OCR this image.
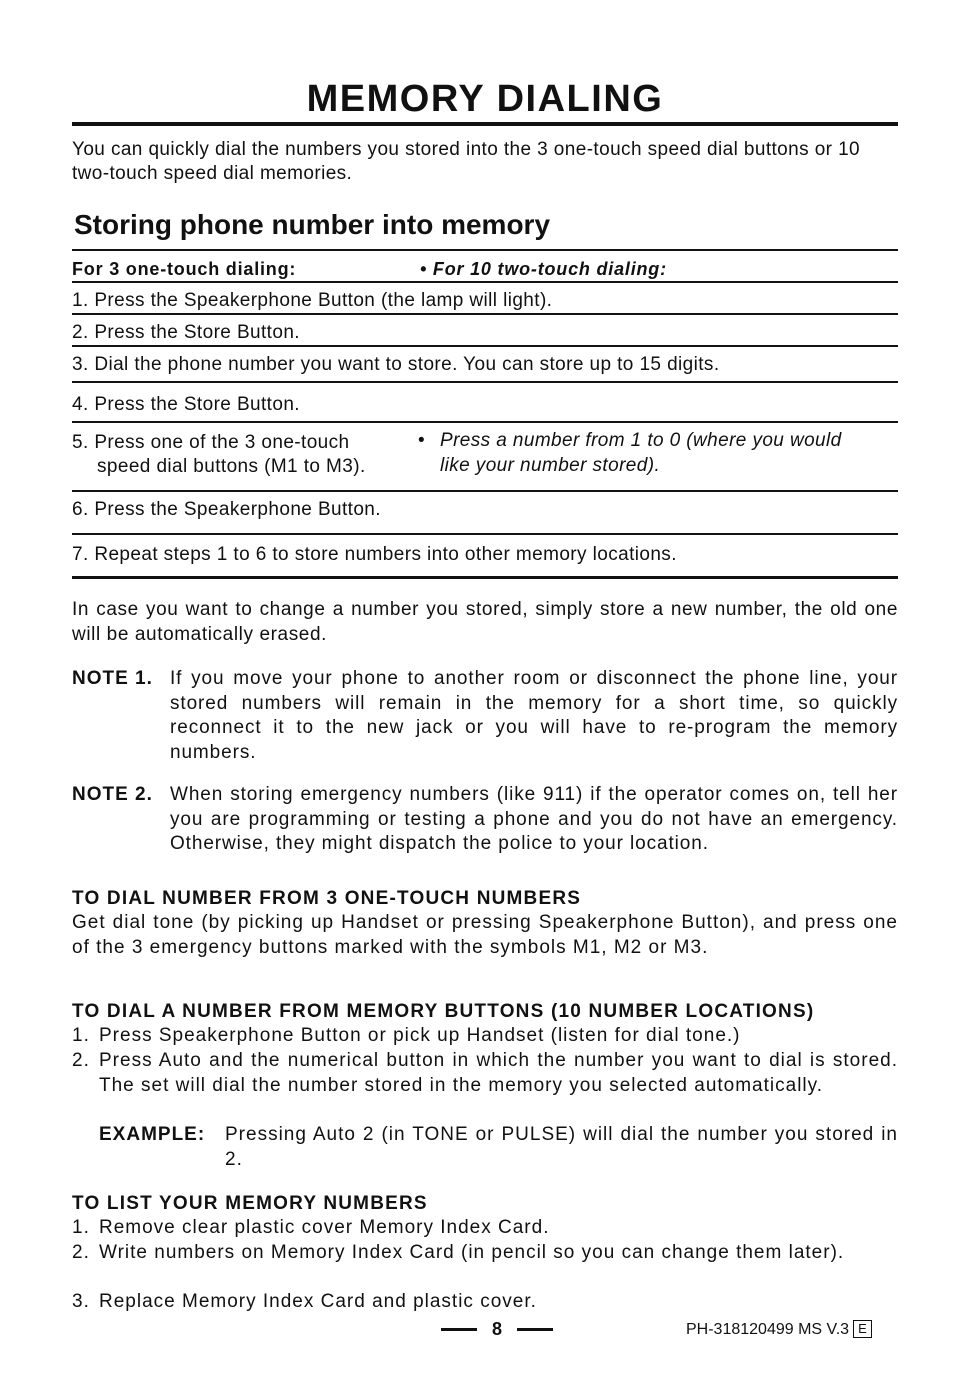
MEMORY DIALING

You can quickly dial the numbers you stored into the 3 one-touch speed dial buttons or 10 two-touch speed dial memories.

Storing phone number into memory
For 3 one-touch dialing:	• For 10 two-touch dialing:
1. Press the Speakerphone Button (the lamp will light).
2. Press the Store Button.
3. Dial the phone number you want to store. You can store up to 15 digits.
4. Press the Store Button.
5. Press one of the 3 one-touch
speed dial buttons (M1 to M3).
• Press a number from 1 to 0 (where you would
like your number stored).
6. Press the Speakerphone Button.
7. Repeat steps 1 to 6 to store numbers into other memory locations.

In case you want to change a number you stored, simply store a new number, the old one will be automatically erased.

NOTE 1. If you move your phone to another room or disconnect the phone line, your stored numbers will remain in the memory for a short time, so quickly reconnect it to the new jack or you will have to re-program the memory numbers.

NOTE 2. When storing emergency numbers (like 911) if the operator comes on, tell her you are programming or testing a phone and you do not have an emergency. Otherwise, they might dispatch the police to your location.

TO DIAL NUMBER FROM 3 ONE-TOUCH NUMBERS

Get dial tone (by picking up Handset or pressing Speakerphone Button), and press one of the 3 emergency buttons marked with the symbols M1, M2 or M3.

TO DIAL A NUMBER FROM MEMORY BUTTONS (10 NUMBER LOCATIONS)
1. Press Speakerphone Button or pick up Handset (listen for dial tone.)

2. Press Auto and the numerical button in which the number you want to dial is stored. The set will dial the number stored in the memory you selected automatically.

EXAMPLE: Pressing Auto 2 (in TONE or PULSE) will dial the number you stored in 2.

TO LIST YOUR MEMORY NUMBERS
1. Remove clear plastic cover Memory Index Card.

2. Write numbers on Memory Index Card (in pencil so you can change them later).

3. Replace Memory Index Card and plastic cover.

8	PH-318120499 MS V.3 E
